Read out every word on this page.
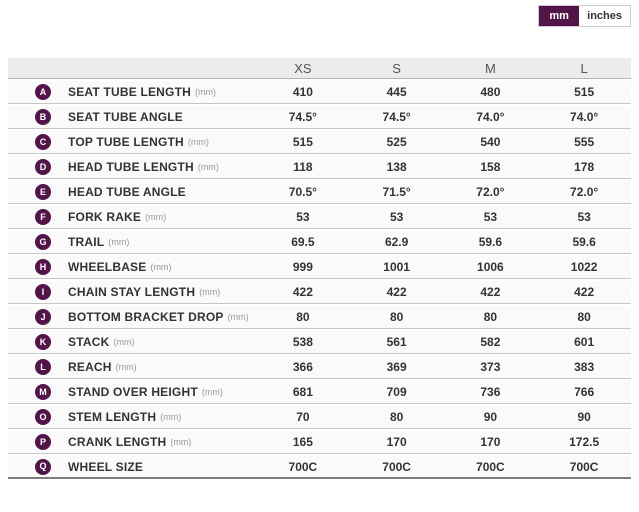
mm	inches
XS	S	M	L
A	SEAT TUBE LENGTH (mm)	410	445	480	515
B	SEAT TUBE ANGLE	74.5°	74.5°	74.0°	74.0°
C	TOP TUBE LENGTH (mm)	515	525	540	555
D	HEAD TUBE LENGTH (mm)	118	138	158	178
E	HEAD TUBE ANGLE	70.5°	71.5°	72.0°	72.0°
F	FORK RAKE (mm)	53	53	53	53
G	TRAIL (mm)	69.5	62.9	59.6	59.6
H	WHEELBASE (mm)	999	1001	1006	1022
I	CHAIN STAY LENGTH (mm)	422	422	422	422
J	BOTTOM BRACKET DROP (mm)	80	80	80	80
K	STACK (mm)	538	561	582	601
L	REACH (mm)	366	369	373	383
M	STAND OVER HEIGHT (mm)	681	709	736	766
O	STEM LENGTH (mm)	70	80	90	90
P	CRANK LENGTH (mm)	165	170	170	172.5
Q	WHEEL SIZE	700C	700C	700C	700C
